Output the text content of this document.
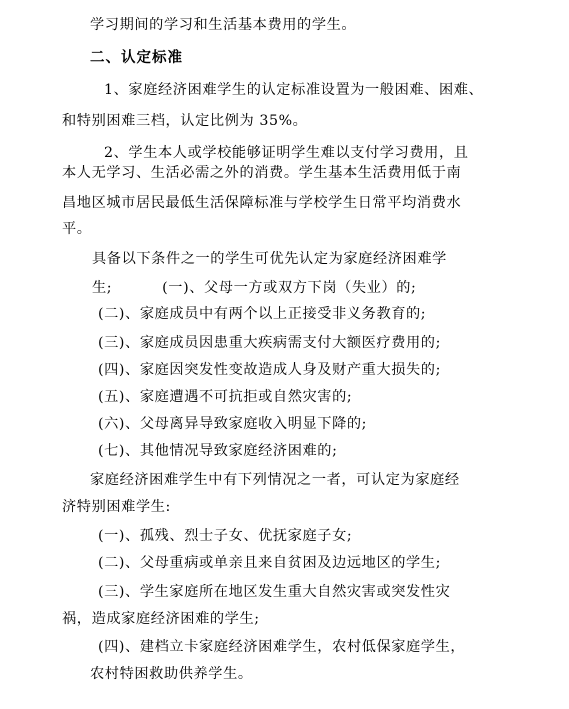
学习期间的学习和生活基本费用的学生。
二、认定标准
1、家庭经济困难学生的认定标准设置为一般困难、困难、
和特别困难三档，认定比例为 35%。
2、学生本人或学校能够证明学生难以支付学习费用，且
本人无学习、生活必需之外的消费。学生基本生活费用低于南
昌地区城市居民最低生活保障标准与学校学生日常平均消费水
平。
具备以下条件之一的学生可优先认定为家庭经济困难学
生;	(一)、父母一方或双方下岗（失业）的;
(二)、家庭成员中有两个以上正接受非义务教育的;
(三)、家庭成员因患重大疾病需支付大额医疗费用的;
(四)、家庭因突发性变故造成人身及财产重大损失的;
(五)、家庭遭遇不可抗拒或自然灾害的;
(六)、父母离异导致家庭收入明显下降的;
(七)、其他情况导致家庭经济困难的;
家庭经济困难学生中有下列情况之一者，可认定为家庭经
济特别困难学生:
(一)、孤残、烈士子女、优抚家庭子女;
(二)、父母重病或单亲且来自贫困及边远地区的学生;
(三)、学生家庭所在地区发生重大自然灾害或突发性灾
祸，造成家庭经济困难的学生;
(四)、建档立卡家庭经济困难学生，农村低保家庭学生，
农村特困救助供养学生。
